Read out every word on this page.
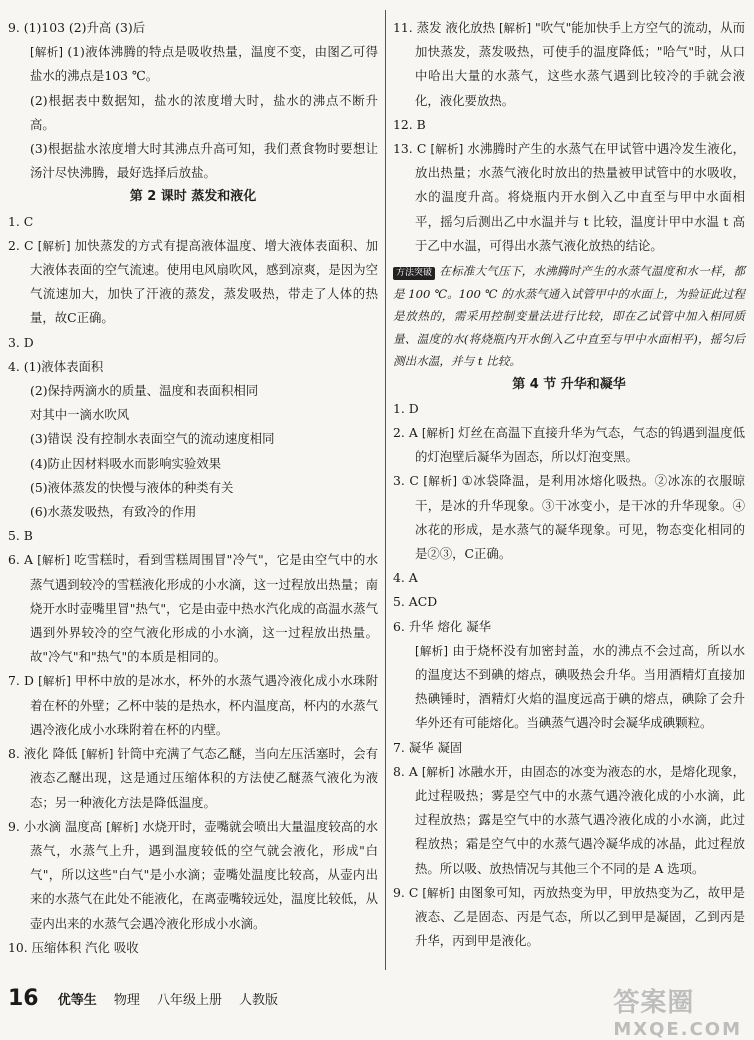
9. (1)103 (2)升高 (3)后

[解析] (1)液体沸腾的特点是吸收热量，温度不变，由图乙可得盐水的沸点是103 ℃。

(2)根据表中数据知，盐水的浓度增大时，盐水的沸点不断升高。

(3)根据盐水浓度增大时其沸点升高可知，我们煮食物时要想让汤汁尽快沸腾，最好选择后放盐。

第 2 课时 蒸发和液化

1. C

2. C [解析] 加快蒸发的方式有提高液体温度、增大液体表面积、加大液体表面的空气流速。使用电风扇吹风，感到凉爽，是因为空气流速加大，加快了汗液的蒸发，蒸发吸热，带走了人体的热量，故C正确。

3. D

4. (1)液体表面积

(2)保持两滴水的质量、温度和表面积相同

对其中一滴水吹风

(3)错误 没有控制水表面空气的流动速度相同

(4)防止因材料吸水而影响实验效果

(5)液体蒸发的快慢与液体的种类有关

(6)水蒸发吸热，有致冷的作用

5. B

6. A [解析] 吃雪糕时，看到雪糕周围冒"冷气"，它是由空气中的水蒸气遇到较冷的雪糕液化形成的小水滴，这一过程放出热量；南烧开水时壶嘴里冒"热气"，它是由壶中热水汽化成的高温水蒸气遇到外界较冷的空气液化形成的小水滴，这一过程放出热量。故"冷气"和"热气"的本质是相同的。

7. D [解析] 甲杯中放的是冰水，杯外的水蒸气遇冷液化成小水珠附着在杯的外壁；乙杯中装的是热水，杯内温度高，杯内的水蒸气遇冷液化成小水珠附着在杯的内壁。

8. 液化 降低 [解析] 针筒中充满了气态乙醚，当向左压活塞时，会有液态乙醚出现，这是通过压缩体积的方法使乙醚蒸气液化为液态；另一种液化方法是降低温度。

9. 小水滴 温度高 [解析] 水烧开时，壶嘴就会喷出大量温度较高的水蒸气，水蒸气上升，遇到温度较低的空气就会液化，形成"白气"，所以这些"白气"是小水滴；壶嘴处温度比较高，从壶内出来的水蒸气在此处不能液化，在离壶嘴较远处，温度比较低，从壶内出来的水蒸气会遇冷液化形成小水滴。

10. 压缩体积 汽化 吸收

11. 蒸发 液化放热 [解析] "吹气"能加快手上方空气的流动，从而加快蒸发，蒸发吸热，可使手的温度降低；"哈气"时，从口中哈出大量的水蒸气，这些水蒸气遇到比较冷的手就会液化，液化要放热。

12. B

13. C [解析] 水沸腾时产生的水蒸气在甲试管中遇冷发生液化，放出热量；水蒸气液化时放出的热量被甲试管中的水吸收，水的温度升高。将烧瓶内开水倒入乙中直至与甲中水面相平，摇匀后测出乙中水温并与 t 比较，温度计甲中水温 t 高于乙中水温，可得出水蒸气液化放热的结论。

方法突破 在标准大气压下，水沸腾时产生的水蒸气温度和水一样，都是 100 ℃。100 ℃ 的水蒸气通入试管甲中的水面上，为验证此过程是放热的，需采用控制变量法进行比较，即在乙试管中加入相同质量、温度的水(将烧瓶内开水倒入乙中直至与甲中水面相平)，摇匀后测出水温，并与 t 比较。

第 4 节 升华和凝华

1. D

2. A [解析] 灯丝在高温下直接升华为气态，气态的钨遇到温度低的灯泡壁后凝华为固态，所以灯泡变黑。

3. C [解析] ①冰袋降温，是利用冰熔化吸热。②冰冻的衣服晾干，是冰的升华现象。③干冰变小，是干冰的升华现象。④冰花的形成，是水蒸气的凝华现象。可见，物态变化相同的是②③，C正确。

4. A

5. ACD

6. 升华 熔化 凝华

[解析] 由于烧杯没有加密封盖，水的沸点不会过高，所以水的温度达不到碘的熔点，碘吸热会升华。当用酒精灯直接加热碘锤时，酒精灯火焰的温度远高于碘的熔点，碘除了会升华外还有可能熔化。当碘蒸气遇冷时会凝华成碘颗粒。

7. 凝华 凝固

8. A [解析] 冰融水开，由固态的冰变为液态的水，是熔化现象，此过程吸热；雾是空气中的水蒸气遇冷液化成的小水滴，此过程放热；露是空气中的水蒸气遇冷液化成的小水滴，此过程放热；霜是空气中的水蒸气遇冷凝华成的冰晶，此过程放热。所以吸、放热情况与其他三个不同的是 A 选项。

9. C [解析] 由图象可知，丙放热变为甲，甲放热变为乙，故甲是液态、乙是固态、丙是气态，所以乙到甲是凝固，乙到丙是升华，丙到甲是液化。

16 优等生 物理 八年级上册 人教版	答案圈
MXQE.COM
